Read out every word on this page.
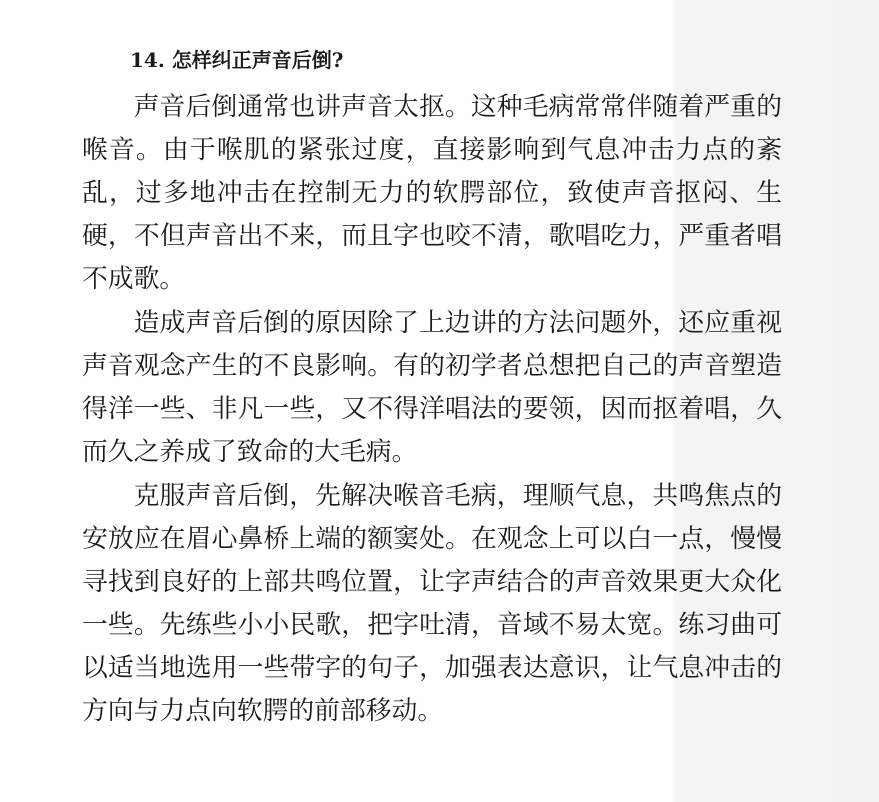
14. 怎样纠正声音后倒?

声音后倒通常也讲声音太抠。这种毛病常常伴随着严重的喉音。由于喉肌的紧张过度，直接影响到气息冲击力点的紊乱，过多地冲击在控制无力的软腭部位，致使声音抠闷、生硬，不但声音出不来，而且字也咬不清，歌唱吃力，严重者唱不成歌。

造成声音后倒的原因除了上边讲的方法问题外，还应重视声音观念产生的不良影响。有的初学者总想把自己的声音塑造得洋一些、非凡一些，又不得洋唱法的要领，因而抠着唱，久而久之养成了致命的大毛病。

克服声音后倒，先解决喉音毛病，理顺气息，共鸣焦点的安放应在眉心鼻桥上端的额窦处。在观念上可以白一点，慢慢寻找到良好的上部共鸣位置，让字声结合的声音效果更大众化一些。先练些小小民歌，把字吐清，音域不易太宽。练习曲可以适当地选用一些带字的句子，加强表达意识，让气息冲击的方向与力点向软腭的前部移动。
